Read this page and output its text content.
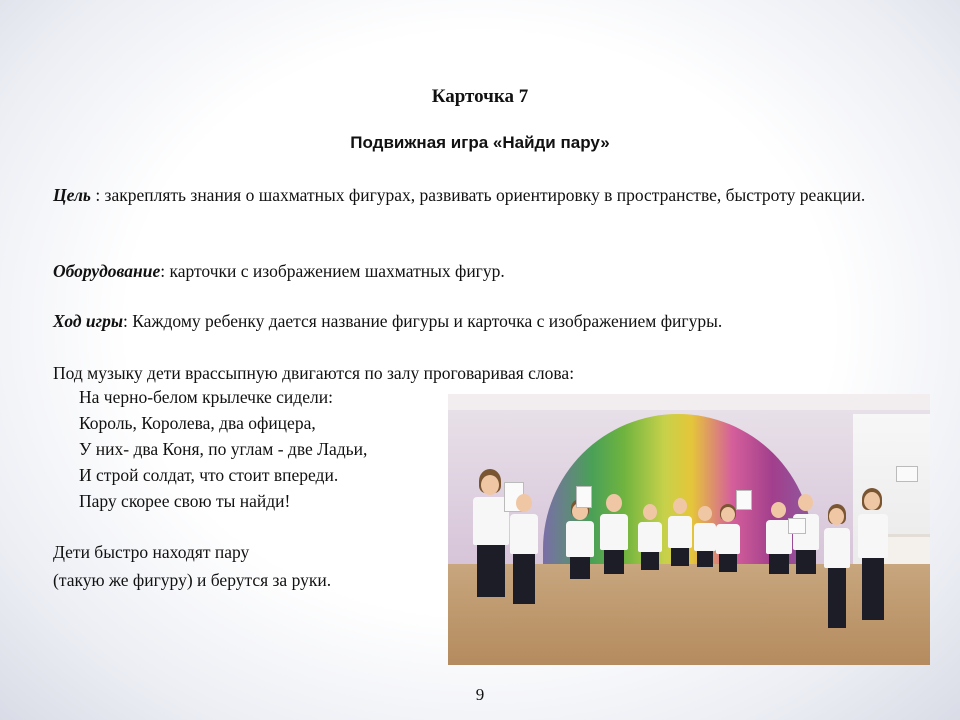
Карточка 7
Подвижная игра «Найди пару»

Цель : закреплять знания о шахматных фигурах, развивать ориентировку в пространстве, быстроту реакции.

Оборудование: карточки с изображением шахматных фигур.

Ход игры: Каждому ребенку дается название фигуры и карточка с изображением фигуры.

Под музыку дети врассыпную двигаются по залу проговаривая слова:

На черно-белом крылечке сидели:
Король, Королева, два офицера,
У них- два Коня, по углам - две Ладьи,
И строй солдат, что стоит впереди.
Пару скорее свою ты найди!
Дети быстро находят пару
(такую же фигуру) и берутся за руки.
9
